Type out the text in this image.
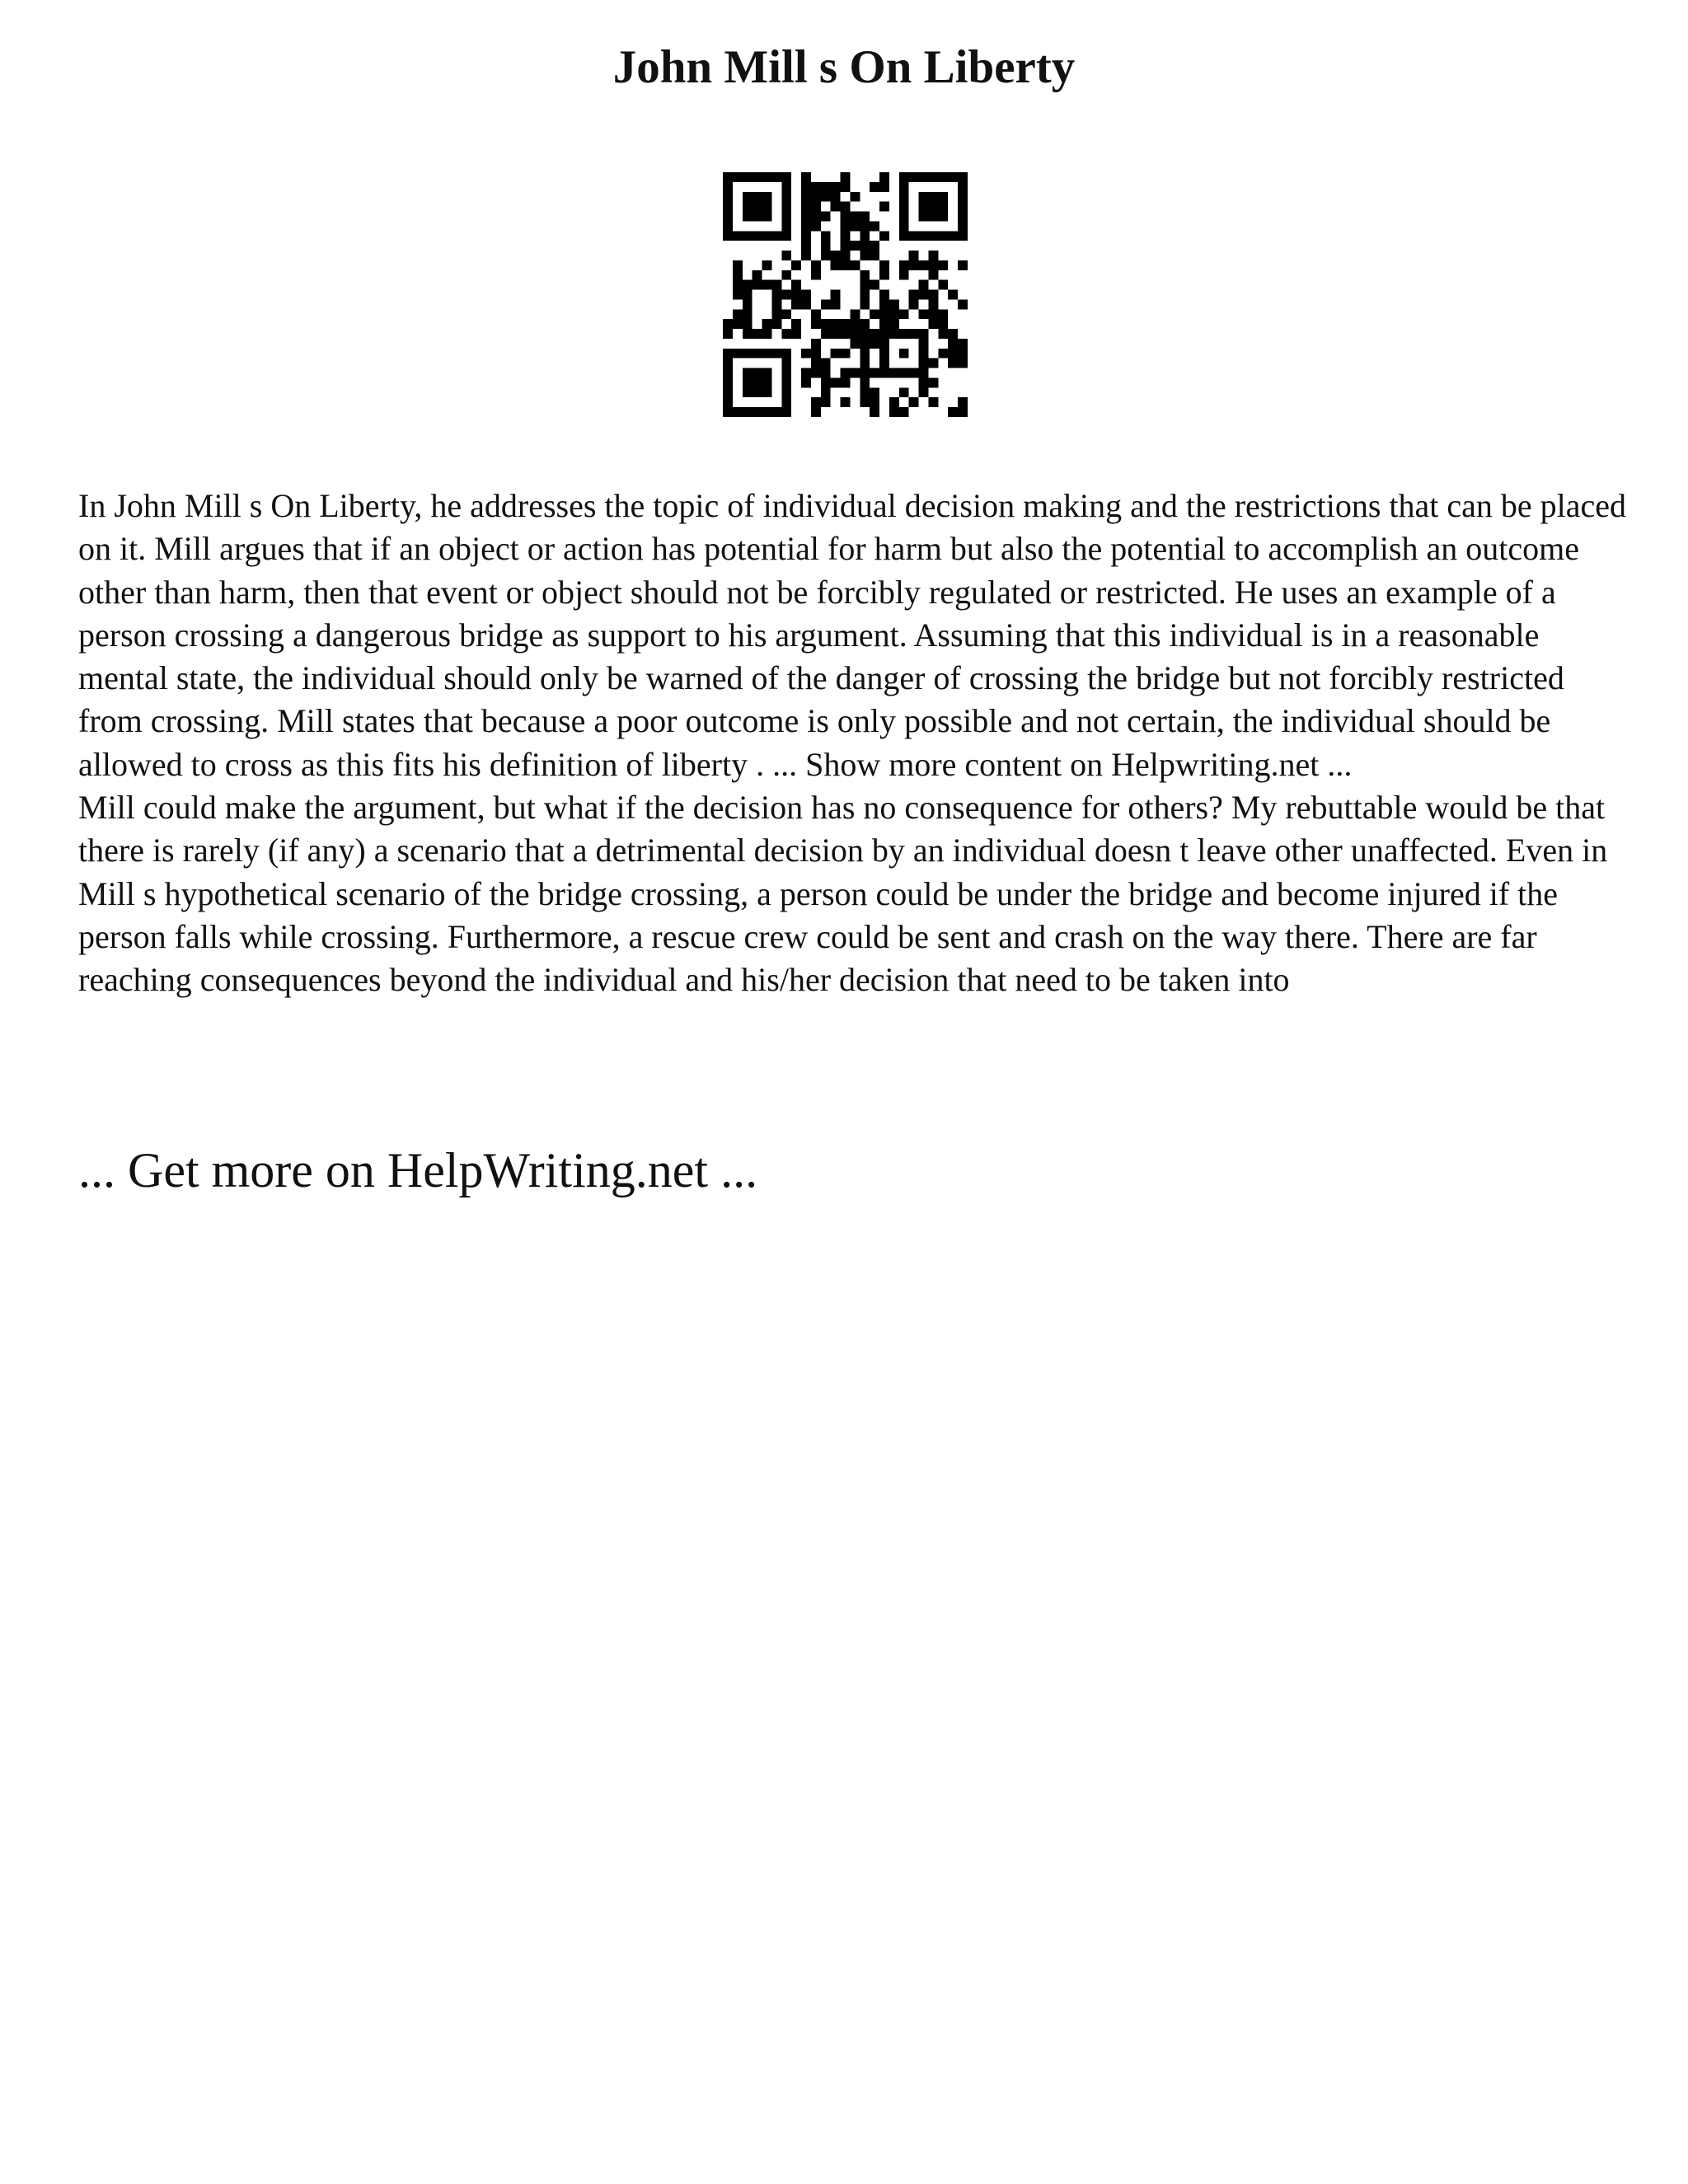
John Mill s On Liberty

In John Mill s On Liberty, he addresses the topic of individual decision making and the restrictions that can be placed on it. Mill argues that if an object or action has potential for harm but also the potential to accomplish an outcome other than harm, then that event or object should not be forcibly regulated or restricted. He uses an example of a person crossing a dangerous bridge as support to his argument. Assuming that this individual is in a reasonable mental state, the individual should only be warned of the danger of crossing the bridge but not forcibly restricted from crossing. Mill states that because a poor outcome is only possible and not certain, the individual should be allowed to cross as this fits his definition of liberty . ... Show more content on Helpwriting.net ...

Mill could make the argument, but what if the decision has no consequence for others? My rebuttable would be that there is rarely (if any) a scenario that a detrimental decision by an individual doesn t leave other unaffected. Even in Mill s hypothetical scenario of the bridge crossing, a person could be under the bridge and become injured if the person falls while crossing. Furthermore, a rescue crew could be sent and crash on the way there. There are far reaching consequences beyond the individual and his/her decision that need to be taken into

... Get more on HelpWriting.net ...
